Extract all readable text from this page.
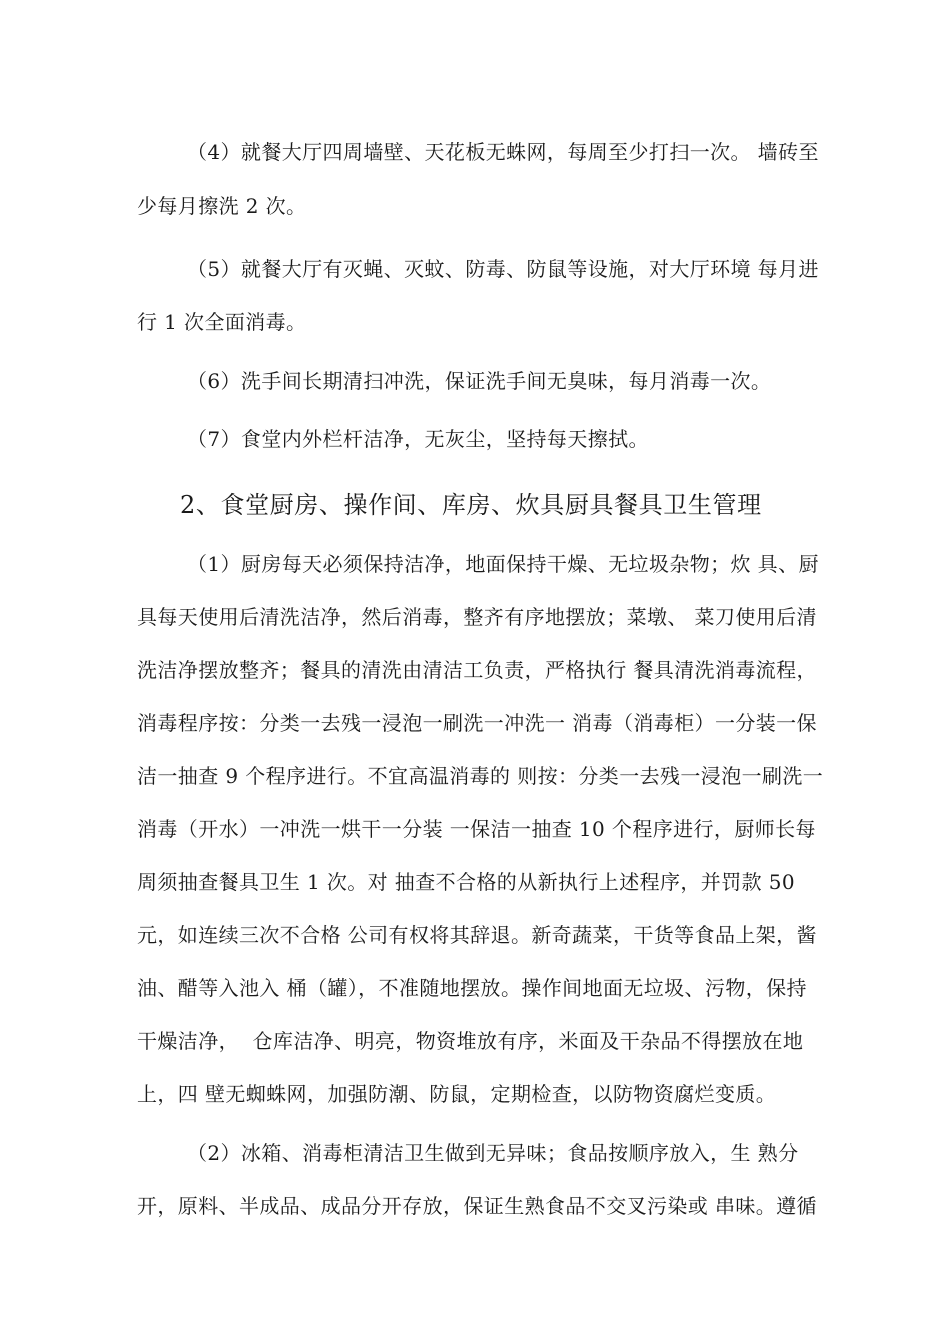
（4）就餐大厅四周墙壁、天花板无蛛网，每周至少打扫一次。 墙砖至
少每月擦洗 2 次。
（5）就餐大厅有灭蝇、灭蚊、防毒、防鼠等设施，对大厅环境 每月进
行 1 次全面消毒。
（6）洗手间长期清扫冲洗，保证洗手间无臭味，每月消毒一次。
（7）食堂内外栏杆洁净，无灰尘，坚持每天擦拭。
2、食堂厨房、操作间、库房、炊具厨具餐具卫生管理
（1）厨房每天必须保持洁净，地面保持干燥、无垃圾杂物；炊 具、厨
具每天使用后清洗洁净，然后消毒，整齐有序地摆放；菜墩、 菜刀使用后清
洗洁净摆放整齐；餐具的清洗由清洁工负责，严格执行 餐具清洗消毒流程，
消毒程序按：分类一去残一浸泡一刷洗一冲洗一 消毒（消毒柜）一分装一保
洁一抽查 9 个程序进行。不宜高温消毒的 则按：分类一去残一浸泡一刷洗一
消毒（开水）一冲洗一烘干一分装 一保洁一抽查 10 个程序进行，厨师长每
周须抽查餐具卫生 1 次。对 抽查不合格的从新执行上述程序，并罚款 50
元，如连续三次不合格 公司有权将其辞退。新奇蔬菜，干货等食品上架，酱
油、醋等入池入 桶（罐），不准随地摆放。操作间地面无垃圾、污物，保持
干燥洁净，  仓库洁净、明亮，物资堆放有序，米面及干杂品不得摆放在地
上，四 壁无蜘蛛网，加强防潮、防鼠，定期检查，以防物资腐烂变质。
（2）冰箱、消毒柜清洁卫生做到无异味；食品按顺序放入，生 熟分
开，原料、半成品、成品分开存放，保证生熟食品不交叉污染或 串味。遵循
